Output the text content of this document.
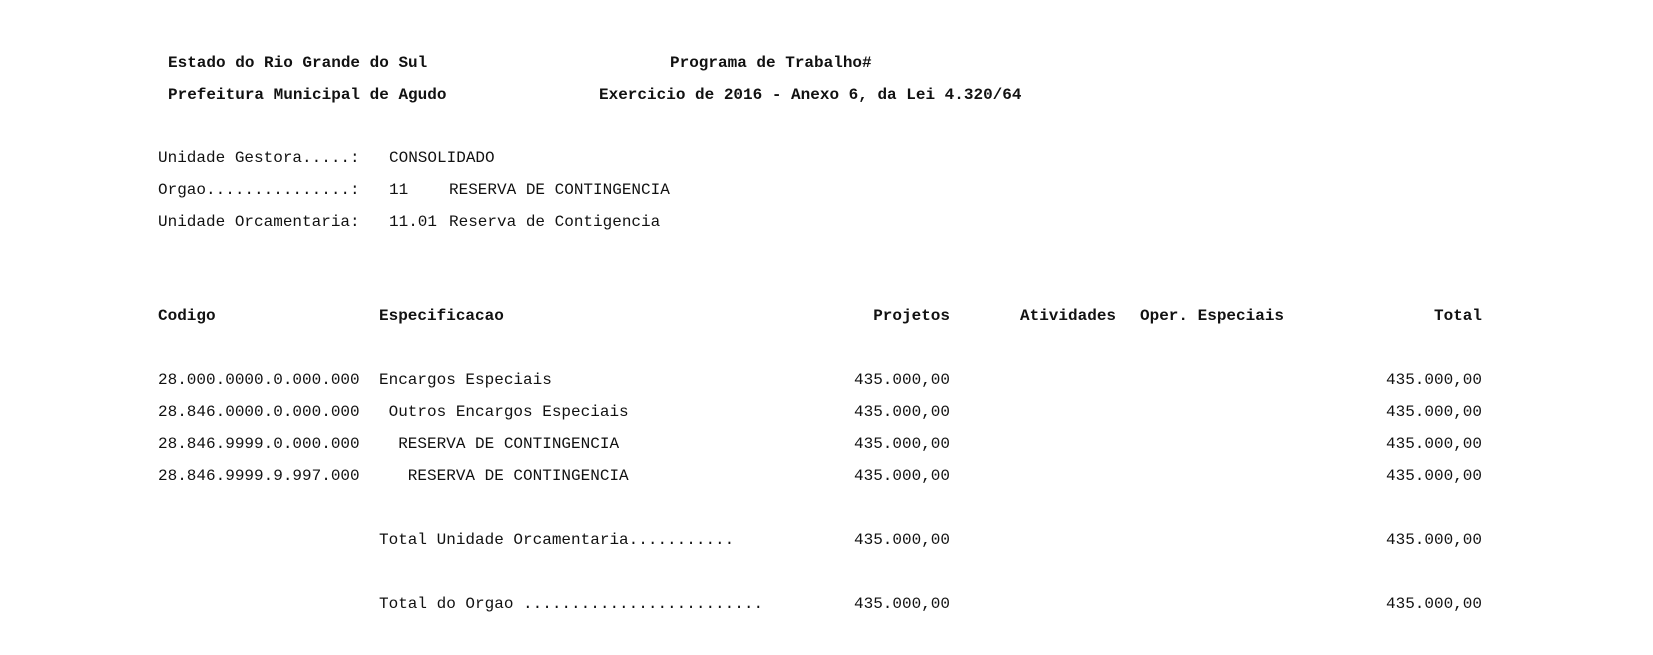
Estado do Rio Grande do Sul	Programa de Trabalho#
Prefeitura Municipal de Agudo	Exercicio de 2016 - Anexo 6, da Lei 4.320/64
Unidade Gestora.....: CONSOLIDADO
Orgao...............: 11	RESERVA DE CONTINGENCIA
Unidade Orcamentaria: 11.01 Reserva de Contigencia
Codigo	Especificacao	Projetos	Atividades Oper. Especiais	Total
28.000.0000.0.000.000 Encargos Especiais	435.000,00	435.000,00
28.846.0000.0.000.000 Outros Encargos Especiais	435.000,00	435.000,00
28.846.9999.0.000.000 RESERVA DE CONTINGENCIA	435.000,00	435.000,00
28.846.9999.9.997.000 RESERVA DE CONTINGENCIA	435.000,00	435.000,00
Total Unidade Orcamentaria...........	435.000,00	435.000,00
Total do Orgao .........................	435.000,00	435.000,00
